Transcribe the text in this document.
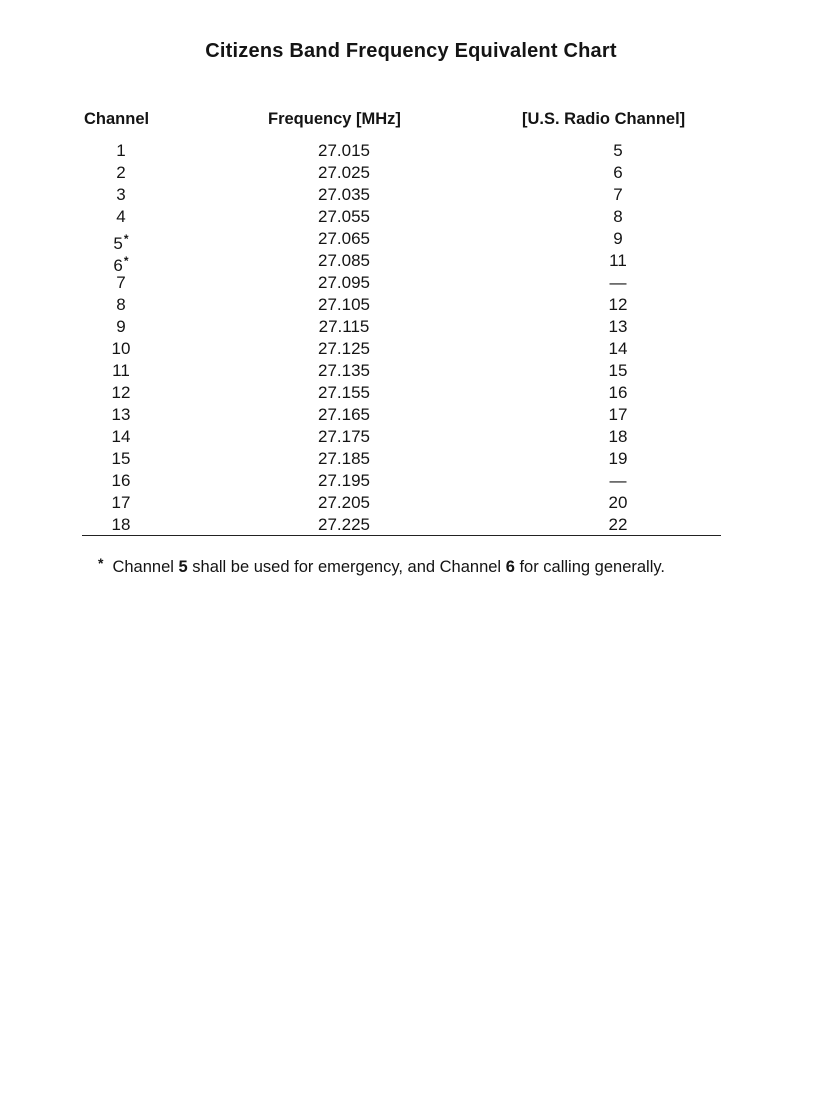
Citizens Band Frequency Equivalent Chart
Channel	Frequency [MHz]	[U.S. Radio Channel]
1	27.015	5
2	27.025	6
3	27.035	7
4	27.055	8
5*	27.065	9
6*	27.085	11
7	27.095	—
8	27.105	12
9	27.115	13
10	27.125	14
11	27.135	15
12	27.155	16
13	27.165	17
14	27.175	18
15	27.185	19
16	27.195	—
17	27.205	20
18	27.225	22
* Channel 5 shall be used for emergency, and Channel 6 for calling generally.
